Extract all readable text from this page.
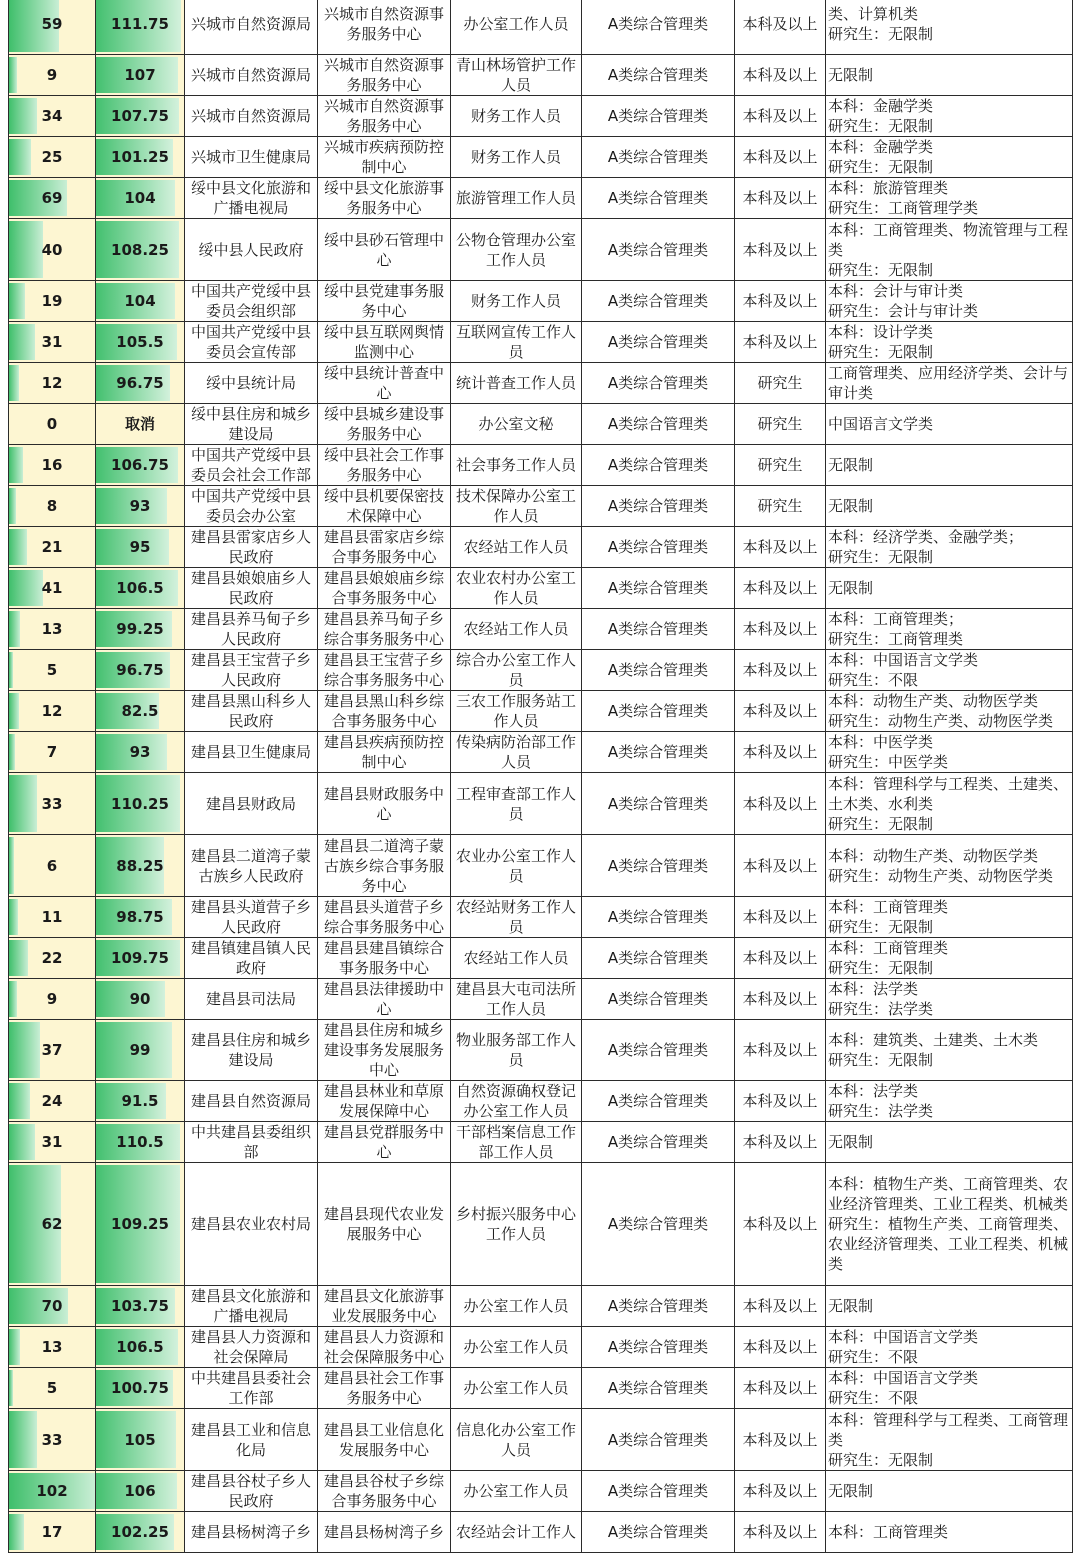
59	111.75	兴城市自然资源局	兴城市自然资源事务服务中心	办公室工作人员	A类综合管理类	本科及以上	类、计算机类
研究生：无限制

9	107	兴城市自然资源局	兴城市自然资源事务服务中心	青山林场管护工作人员	A类综合管理类	本科及以上	无限制

34	107.75	兴城市自然资源局	兴城市自然资源事务服务中心	财务工作人员	A类综合管理类	本科及以上	本科：金融学类
研究生：无限制

25	101.25	兴城市卫生健康局	兴城市疾病预防控制中心	财务工作人员	A类综合管理类	本科及以上	本科：金融学类
研究生：无限制

69	104	绥中县文化旅游和广播电视局	绥中县文化旅游事务服务中心	旅游管理工作人员	A类综合管理类	本科及以上	本科：旅游管理类
研究生：工商管理学类

40	108.25	绥中县人民政府	绥中县砂石管理中心	公物仓管理办公室工作人员	A类综合管理类	本科及以上	本科：工商管理类、物流管理与工程类
研究生：无限制

19	104	中国共产党绥中县委员会组织部	绥中县党建事务服务中心	财务工作人员	A类综合管理类	本科及以上	本科：会计与审计类
研究生：会计与审计类

31	105.5	中国共产党绥中县委员会宣传部	绥中县互联网舆情监测中心	互联网宣传工作人员	A类综合管理类	本科及以上	本科：设计学类
研究生：无限制

12	96.75	绥中县统计局	绥中县统计普查中心	统计普查工作人员	A类综合管理类	研究生	工商管理类、应用经济学类、会计与审计类

0	取消	绥中县住房和城乡建设局	绥中县城乡建设事务服务中心	办公室文秘	A类综合管理类	研究生	中国语言文学类

16	106.75	中国共产党绥中县委员会社会工作部	绥中县社会工作事务服务中心	社会事务工作人员	A类综合管理类	研究生	无限制

8	93	中国共产党绥中县委员会办公室	绥中县机要保密技术保障中心	技术保障办公室工作人员	A类综合管理类	研究生	无限制

21	95	建昌县雷家店乡人民政府	建昌县雷家店乡综合事务服务中心	农经站工作人员	A类综合管理类	本科及以上	本科：经济学类、金融学类；
研究生：无限制

41	106.5	建昌县娘娘庙乡人民政府	建昌县娘娘庙乡综合事务服务中心	农业农村办公室工作人员	A类综合管理类	本科及以上	无限制

13	99.25	建昌县养马甸子乡人民政府	建昌县养马甸子乡综合事务服务中心	农经站工作人员	A类综合管理类	本科及以上	本科：工商管理类；
研究生：工商管理类

5	96.75	建昌县王宝营子乡人民政府	建昌县王宝营子乡综合事务服务中心	综合办公室工作人员	A类综合管理类	本科及以上	本科：中国语言文学类
研究生：不限

12	82.5	建昌县黑山科乡人民政府	建昌县黑山科乡综合事务服务中心	三农工作服务站工作人员	A类综合管理类	本科及以上	本科：动物生产类、动物医学类
研究生：动物生产类、动物医学类

7	93	建昌县卫生健康局	建昌县疾病预防控制中心	传染病防治部工作人员	A类综合管理类	本科及以上	本科：中医学类
研究生：中医学类

33	110.25	建昌县财政局	建昌县财政服务中心	工程审查部工作人员	A类综合管理类	本科及以上	本科：管理科学与工程类、土建类、土木类、水利类
研究生：无限制

6	88.25	建昌县二道湾子蒙古族乡人民政府	建昌县二道湾子蒙古族乡综合事务服务中心	农业办公室工作人员	A类综合管理类	本科及以上	本科：动物生产类、动物医学类
研究生：动物生产类、动物医学类

11	98.75	建昌县头道营子乡人民政府	建昌县头道营子乡综合事务服务中心	农经站财务工作人员	A类综合管理类	本科及以上	本科：工商管理类
研究生：无限制

22	109.75	建昌镇建昌镇人民政府	建昌县建昌镇综合事务服务中心	农经站工作人员	A类综合管理类	本科及以上	本科：工商管理类
研究生：无限制

9	90	建昌县司法局	建昌县法律援助中心	建昌县大屯司法所工作人员	A类综合管理类	本科及以上	本科：法学类
研究生：法学类

37	99	建昌县住房和城乡建设局	建昌县住房和城乡建设事务发展服务中心	物业服务部工作人员	A类综合管理类	本科及以上	本科：建筑类、土建类、土木类
研究生：无限制

24	91.5	建昌县自然资源局	建昌县林业和草原发展保障中心	自然资源确权登记办公室工作人员	A类综合管理类	本科及以上	本科：法学类
研究生：法学类

31	110.5	中共建昌县委组织部	建昌县党群服务中心	干部档案信息工作部工作人员	A类综合管理类	本科及以上	无限制

62	109.25	建昌县农业农村局	建昌县现代农业发展服务中心	乡村振兴服务中心工作人员	A类综合管理类	本科及以上	本科：植物生产类、工商管理类、农业经济管理类、工业工程类、机械类
研究生：植物生产类、工商管理类、农业经济管理类、工业工程类、机械类

70	103.75	建昌县文化旅游和广播电视局	建昌县文化旅游事业发展服务中心	办公室工作人员	A类综合管理类	本科及以上	无限制

13	106.5	建昌县人力资源和社会保障局	建昌县人力资源和社会保障服务中心	办公室工作人员	A类综合管理类	本科及以上	本科：中国语言文学类
研究生：不限

5	100.75	中共建昌县委社会工作部	建昌县社会工作事务服务中心	办公室工作人员	A类综合管理类	本科及以上	本科：中国语言文学类
研究生：不限

33	105	建昌县工业和信息化局	建昌县工业信息化发展服务中心	信息化办公室工作人员	A类综合管理类	本科及以上	本科：管理科学与工程类、工商管理类
研究生：无限制

102	106	建昌县谷杖子乡人民政府	建昌县谷杖子乡综合事务服务中心	办公室工作人员	A类综合管理类	本科及以上	无限制

17	102.25	建昌县杨树湾子乡	建昌县杨树湾子乡	农经站会计工作人	A类综合管理类	本科及以上	本科：工商管理类
